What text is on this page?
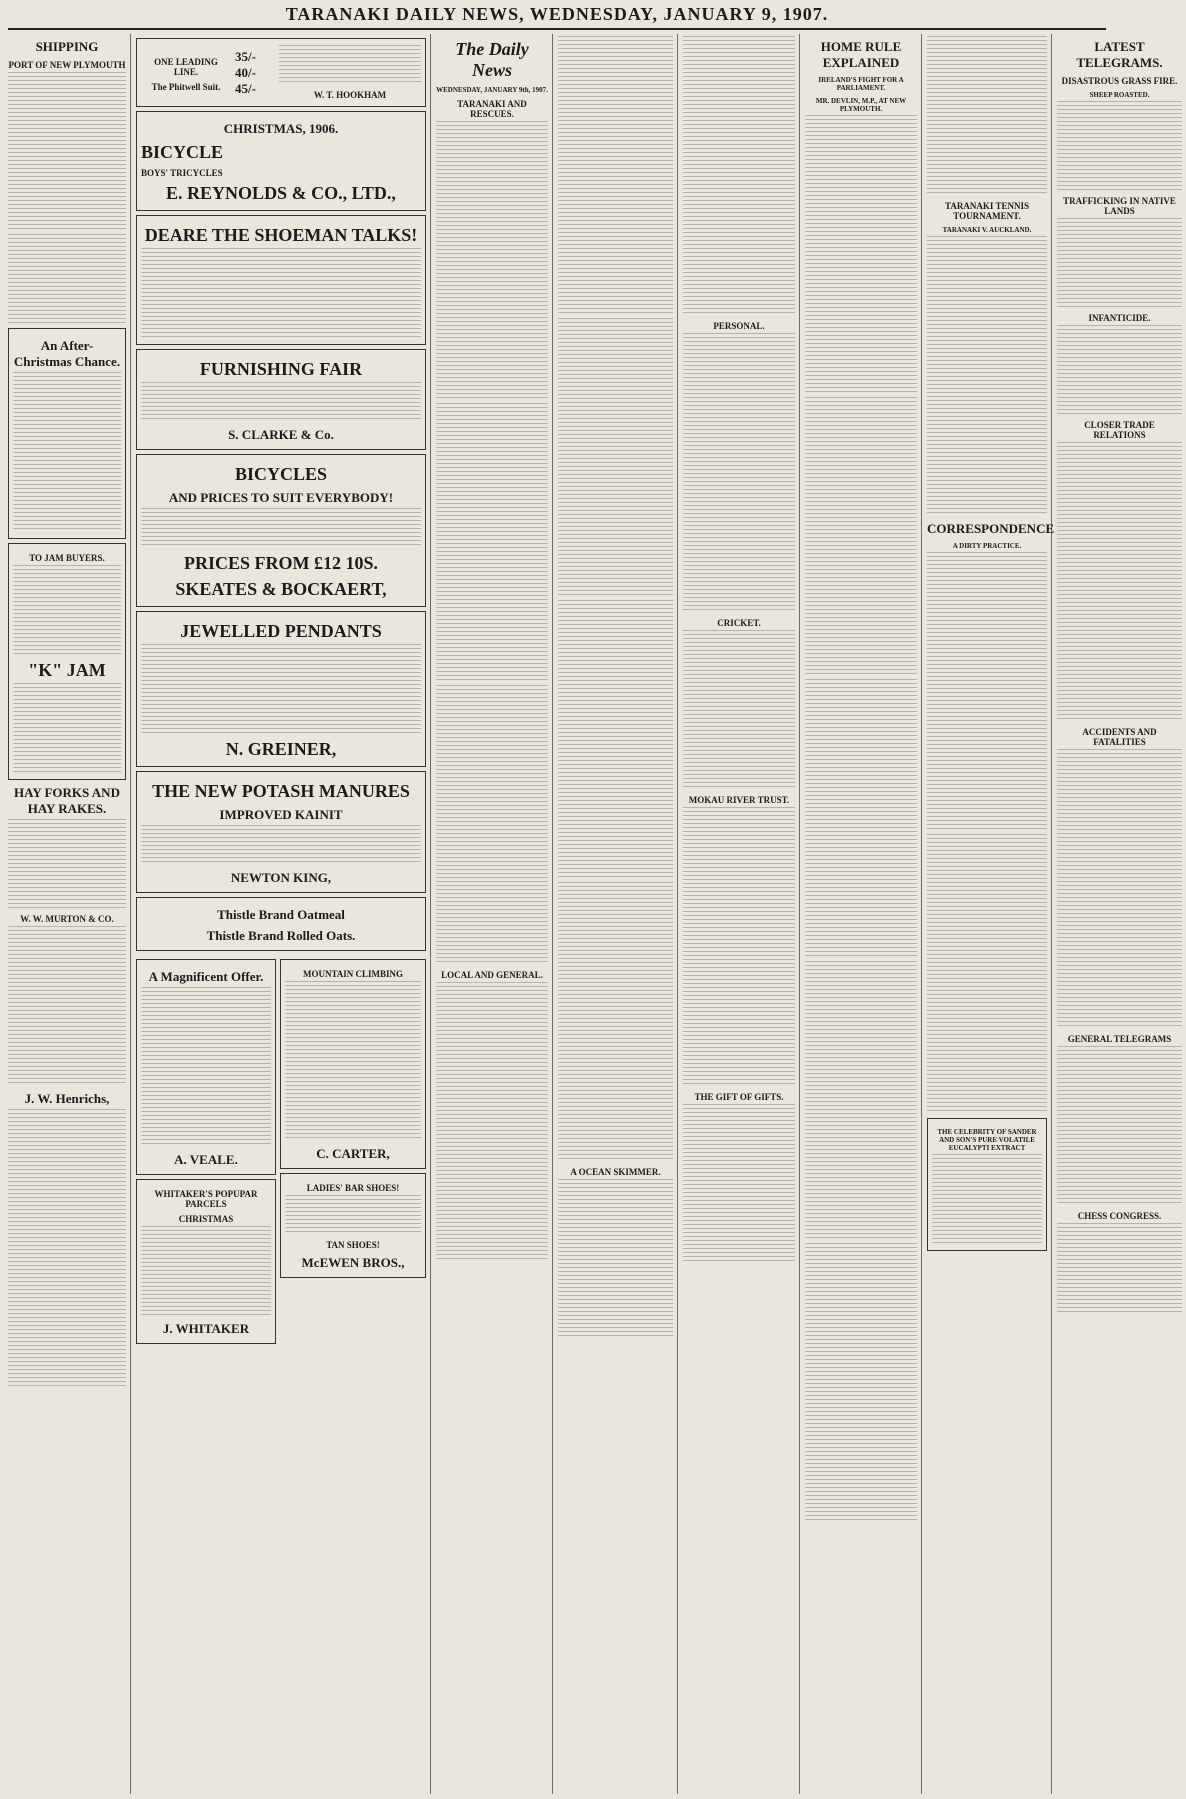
TARANAKI DAILY NEWS, WEDNESDAY, JANUARY 9, 1907.
SHIPPING
PORT OF NEW PLYMOUTH
An After-Christmas Chance.
TO JAM BUYERS.
"K" JAM
HAY FORKS AND HAY RAKES.
W. W. MURTON & CO.
J. W. Henrichs,
ONE LEADING LINE.
The Phitwell Suit.
35/-
40/-
45/-	W. T. HOOKHAM
CHRISTMAS, 1906.
BICYCLE
BOYS' TRICYCLES
E. REYNOLDS & CO., LTD.,
DEARE THE SHOEMAN TALKS!
FURNISHING FAIR
S. CLARKE & Co.
BICYCLES
AND PRICES TO SUIT EVERYBODY!
PRICES FROM £12 10S.
SKEATES & BOCKAERT,
JEWELLED PENDANTS
N. GREINER,
THE NEW POTASH MANURES
IMPROVED KAINIT
NEWTON KING,
Thistle Brand Oatmeal
Thistle Brand Rolled Oats.
A Magnificent Offer.
A. VEALE.
WHITAKER'S POPUPAR PARCELS
CHRISTMAS
J. WHITAKER
MOUNTAIN CLIMBING
C. CARTER,
LADIES' BAR SHOES!
TAN SHOES!
McEWEN BROS.,
The Daily News
WEDNESDAY, JANUARY 9th, 1907.
TARANAKI AND RESCUES.
LOCAL AND GENERAL.
A OCEAN SKIMMER.
PERSONAL.
CRICKET.
MOKAU RIVER TRUST.
THE GIFT OF GIFTS.
HOME RULE EXPLAINED
IRELAND'S FIGHT FOR A PARLIAMENT.
MR. DEVLIN, M.P., AT NEW PLYMOUTH.
TARANAKI TENNIS TOURNAMENT.
TARANAKI V. AUCKLAND.
CORRESPONDENCE
A DIRTY PRACTICE.
THE CELEBRITY OF SANDER AND SON'S PURE VOLATILE EUCALYPTI EXTRACT
LATEST TELEGRAMS.
DISASTROUS GRASS FIRE.
SHEEP ROASTED.
TRAFFICKING IN NATIVE LANDS
INFANTICIDE.
CLOSER TRADE RELATIONS
ACCIDENTS AND FATALITIES
GENERAL TELEGRAMS
CHESS CONGRESS.
